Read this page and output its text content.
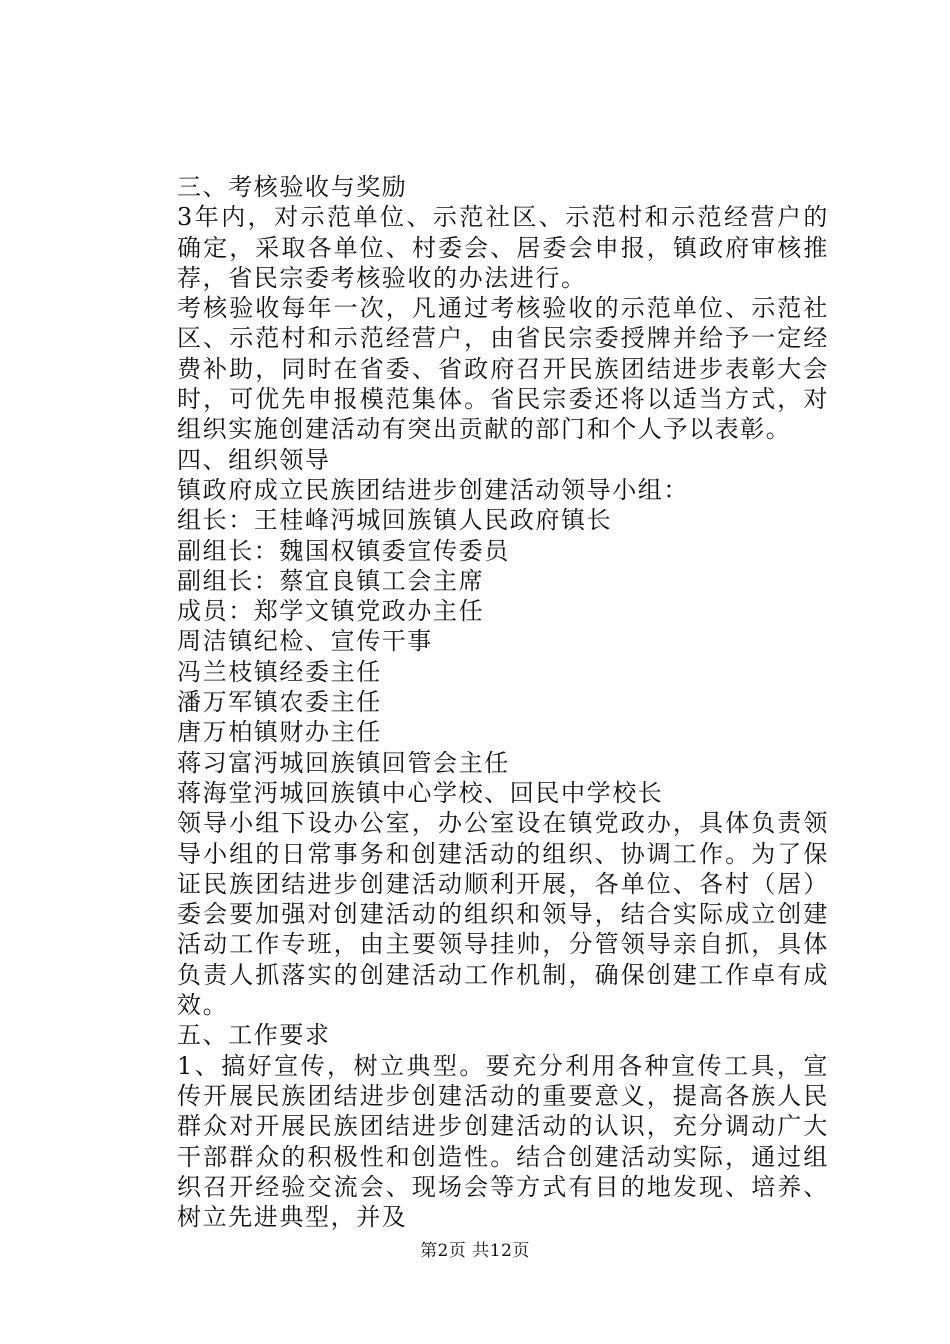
三、考核验收与奖励
3年内，对示范单位、示范社区、示范村和示范经营户的确定，采取各单位、村委会、居委会申报，镇政府审核推荐，省民宗委考核验收的办法进行。
考核验收每年一次，凡通过考核验收的示范单位、示范社区、示范村和示范经营户，由省民宗委授牌并给予一定经费补助，同时在省委、省政府召开民族团结进步表彰大会时，可优先申报模范集体。省民宗委还将以适当方式，对组织实施创建活动有突出贡献的部门和个人予以表彰。
四、组织领导
镇政府成立民族团结进步创建活动领导小组：
组长：王桂峰沔城回族镇人民政府镇长
副组长：魏国权镇委宣传委员
副组长：蔡宜良镇工会主席
成员：郑学文镇党政办主任
周洁镇纪检、宣传干事
冯兰枝镇经委主任
潘万军镇农委主任
唐万柏镇财办主任
蒋习富沔城回族镇回管会主任
蒋海堂沔城回族镇中心学校、回民中学校长
领导小组下设办公室，办公室设在镇党政办，具体负责领导小组的日常事务和创建活动的组织、协调工作。为了保证民族团结进步创建活动顺利开展，各单位、各村（居）委会要加强对创建活动的组织和领导，结合实际成立创建活动工作专班，由主要领导挂帅，分管领导亲自抓，具体负责人抓落实的创建活动工作机制，确保创建工作卓有成效。
五、工作要求
1、搞好宣传，树立典型。要充分利用各种宣传工具，宣传开展民族团结进步创建活动的重要意义，提高各族人民群众对开展民族团结进步创建活动的认识，充分调动广大干部群众的积极性和创造性。结合创建活动实际，通过组织召开经验交流会、现场会等方式有目的地发现、培养、树立先进典型，并及
第2页 共12页
